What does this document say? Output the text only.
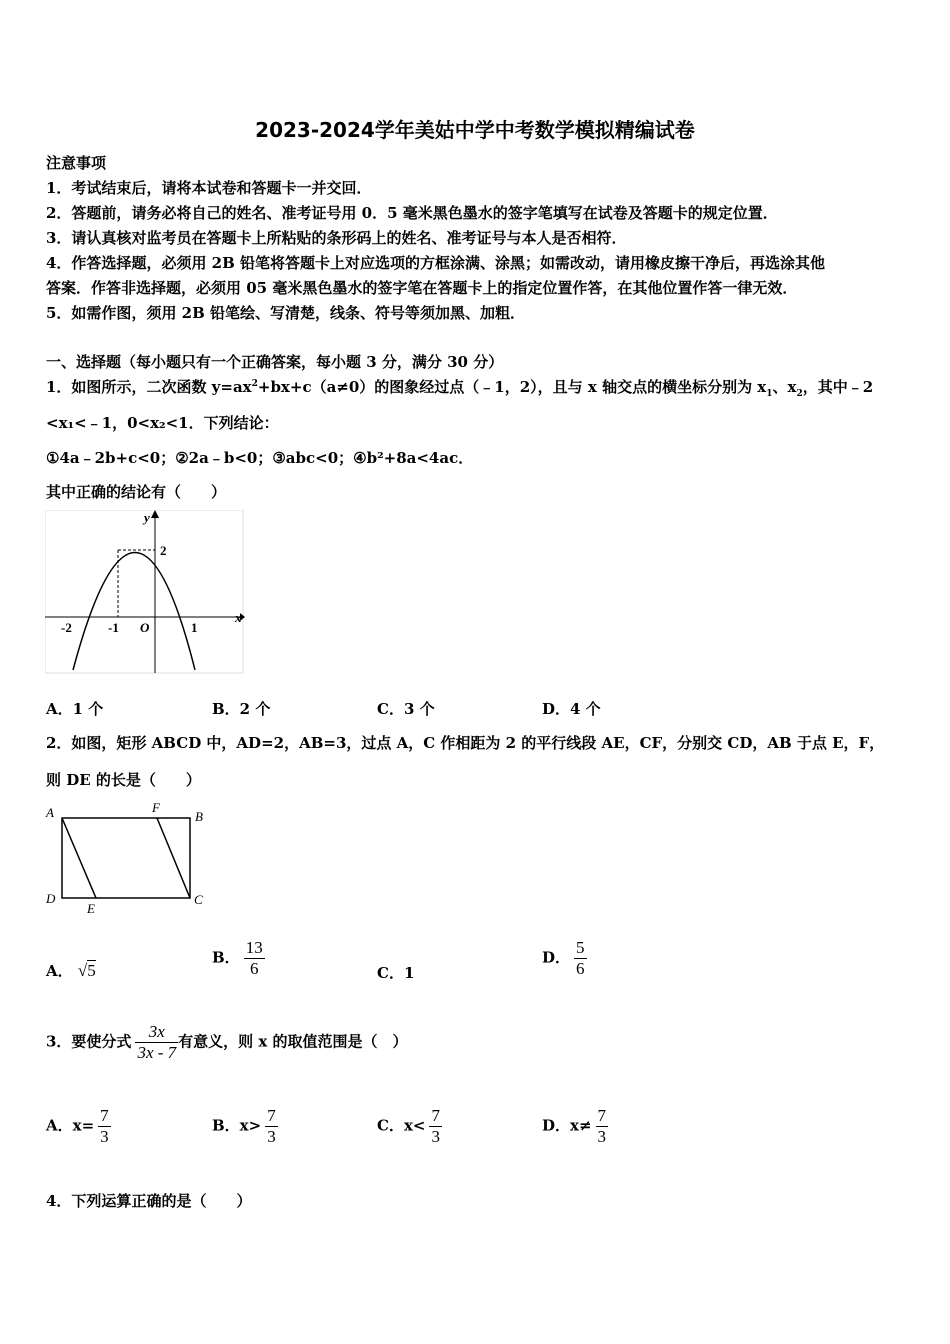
2023-2024学年美姑中学中考数学模拟精编试卷
注意事项
1．考试结束后，请将本试卷和答题卡一并交回．
2．答题前，请务必将自己的姓名、准考证号用 0．5 毫米黑色墨水的签字笔填写在试卷及答题卡的规定位置．
3．请认真核对监考员在答题卡上所粘贴的条形码上的姓名、准考证号与本人是否相符．
4．作答选择题，必须用 2B 铅笔将答题卡上对应选项的方框涂满、涂黑；如需改动，请用橡皮擦干净后，再选涂其他
答案．作答非选择题，必须用 05 毫米黑色墨水的签字笔在答题卡上的指定位置作答，在其他位置作答一律无效．
5．如需作图，须用 2B 铅笔绘、写清楚，线条、符号等须加黑、加粗．
一、选择题（每小题只有一个正确答案，每小题 3 分，满分 30 分）
1．如图所示，二次函数 $y=ax^2+bx+c(a\ne 0)$的图象经过点（﹣1，2），且与 x 轴交点的横坐标分别为 $x_1$、$x_2$，其中﹣2
<x₁<﹣1，0<x₂<1．下列结论：
①4a﹣2b+c<0；②2a﹣b<0；③abc<0；④b²+8a<4ac．
其中正确的结论有（　　）
y
x
2
-2	-1 O	1
A．1 个	B．2 个	C．3 个	D．4 个
2．如图，矩形 ABCD 中，AD=2，AB=3，过点 A，C 作相距为 2 的平行线段 AE，CF，分别交 CD，AB 于点 E，F，
则 DE 的长是（　　）
A	F
B
D
E
C
A． √5
B． $\frac{13}{6}$	C．1
D． $\frac{5}{6}$
3．要使分式 $\frac{3x}{3x - 7}$ 有意义，则 x 的取值范围是（　）
A．$x= \frac{7}{3}$	B．$x> \frac{7}{3}$	C．$x< \frac{7}{3}$	D．$x\ne \frac{7}{3}$
4．下列运算正确的是（　　）
